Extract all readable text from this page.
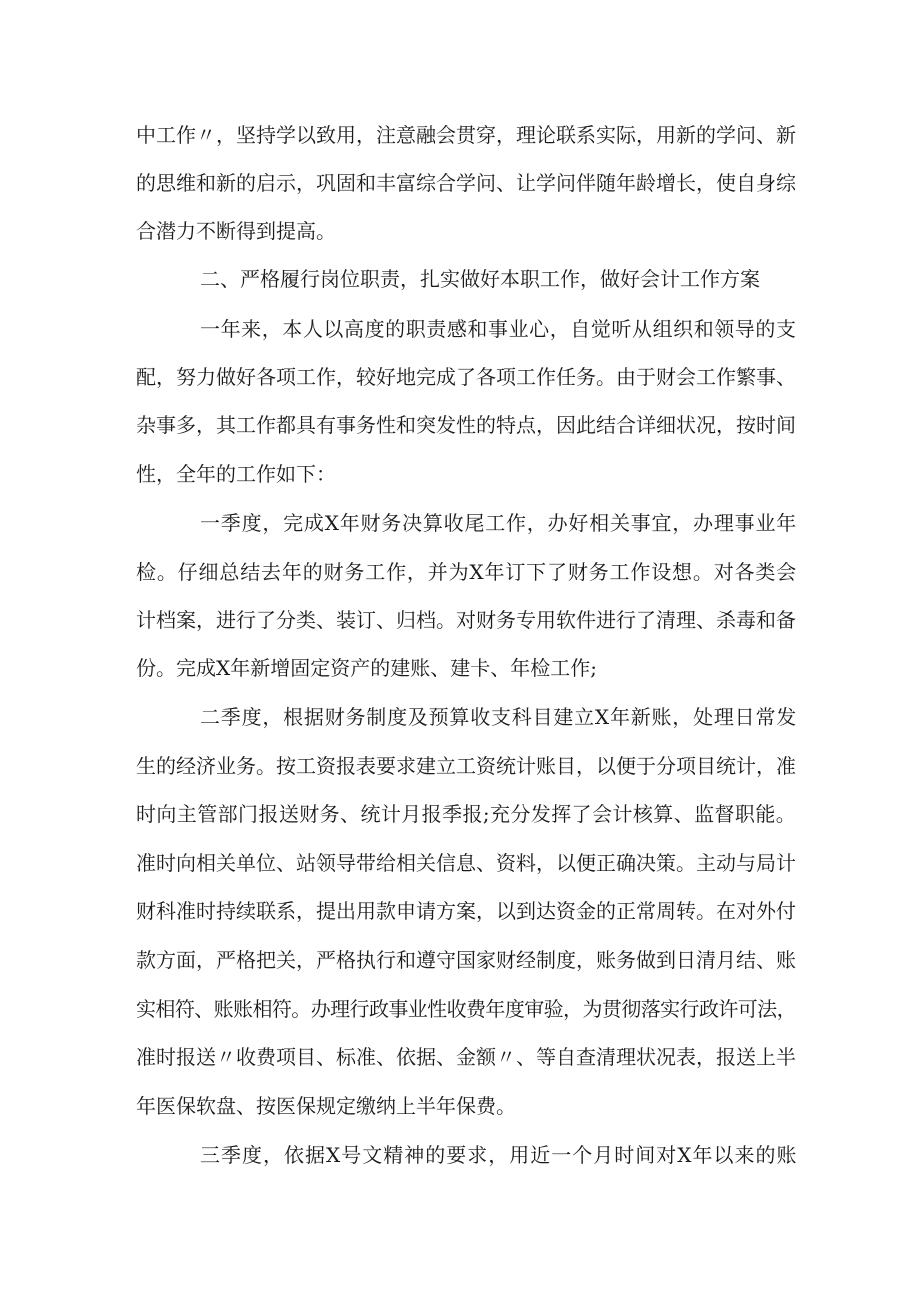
中工作〃，坚持学以致用，注意融会贯穿，理论联系实际，用新的学问、新
的思维和新的启示，巩固和丰富综合学问、让学问伴随年龄增长，使自身综
合潜力不断得到提高。
二、严格履行岗位职责，扎实做好本职工作，做好会计工作方案
一年来，本人以高度的职责感和事业心，自觉听从组织和领导的支
配，努力做好各项工作，较好地完成了各项工作任务。由于财会工作繁事、
杂事多，其工作都具有事务性和突发性的特点，因此结合详细状况，按时间
性，全年的工作如下：
一季度，完成X年财务决算收尾工作，办好相关事宜，办理事业年
检。仔细总结去年的财务工作，并为X年订下了财务工作设想。对各类会
计档案，进行了分类、装订、归档。对财务专用软件进行了清理、杀毒和备
份。完成X年新增固定资产的建账、建卡、年检工作;
二季度，根据财务制度及预算收支科目建立X年新账，处理日常发
生的经济业务。按工资报表要求建立工资统计账目，以便于分项目统计，准
时向主管部门报送财务、统计月报季报;充分发挥了会计核算、监督职能。
准时向相关单位、站领导带给相关信息、资料，以便正确决策。主动与局计
财科准时持续联系，提出用款申请方案，以到达资金的正常周转。在对外付
款方面，严格把关，严格执行和遵守国家财经制度，账务做到日清月结、账
实相符、账账相符。办理行政事业性收费年度审验，为贯彻落实行政许可法，
准时报送〃收费项目、标准、依据、金额〃、等自查清理状况表，报送上半
年医保软盘、按医保规定缴纳上半年保费。
三季度，依据X号文精神的要求，用近一个月时间对X年以来的账
